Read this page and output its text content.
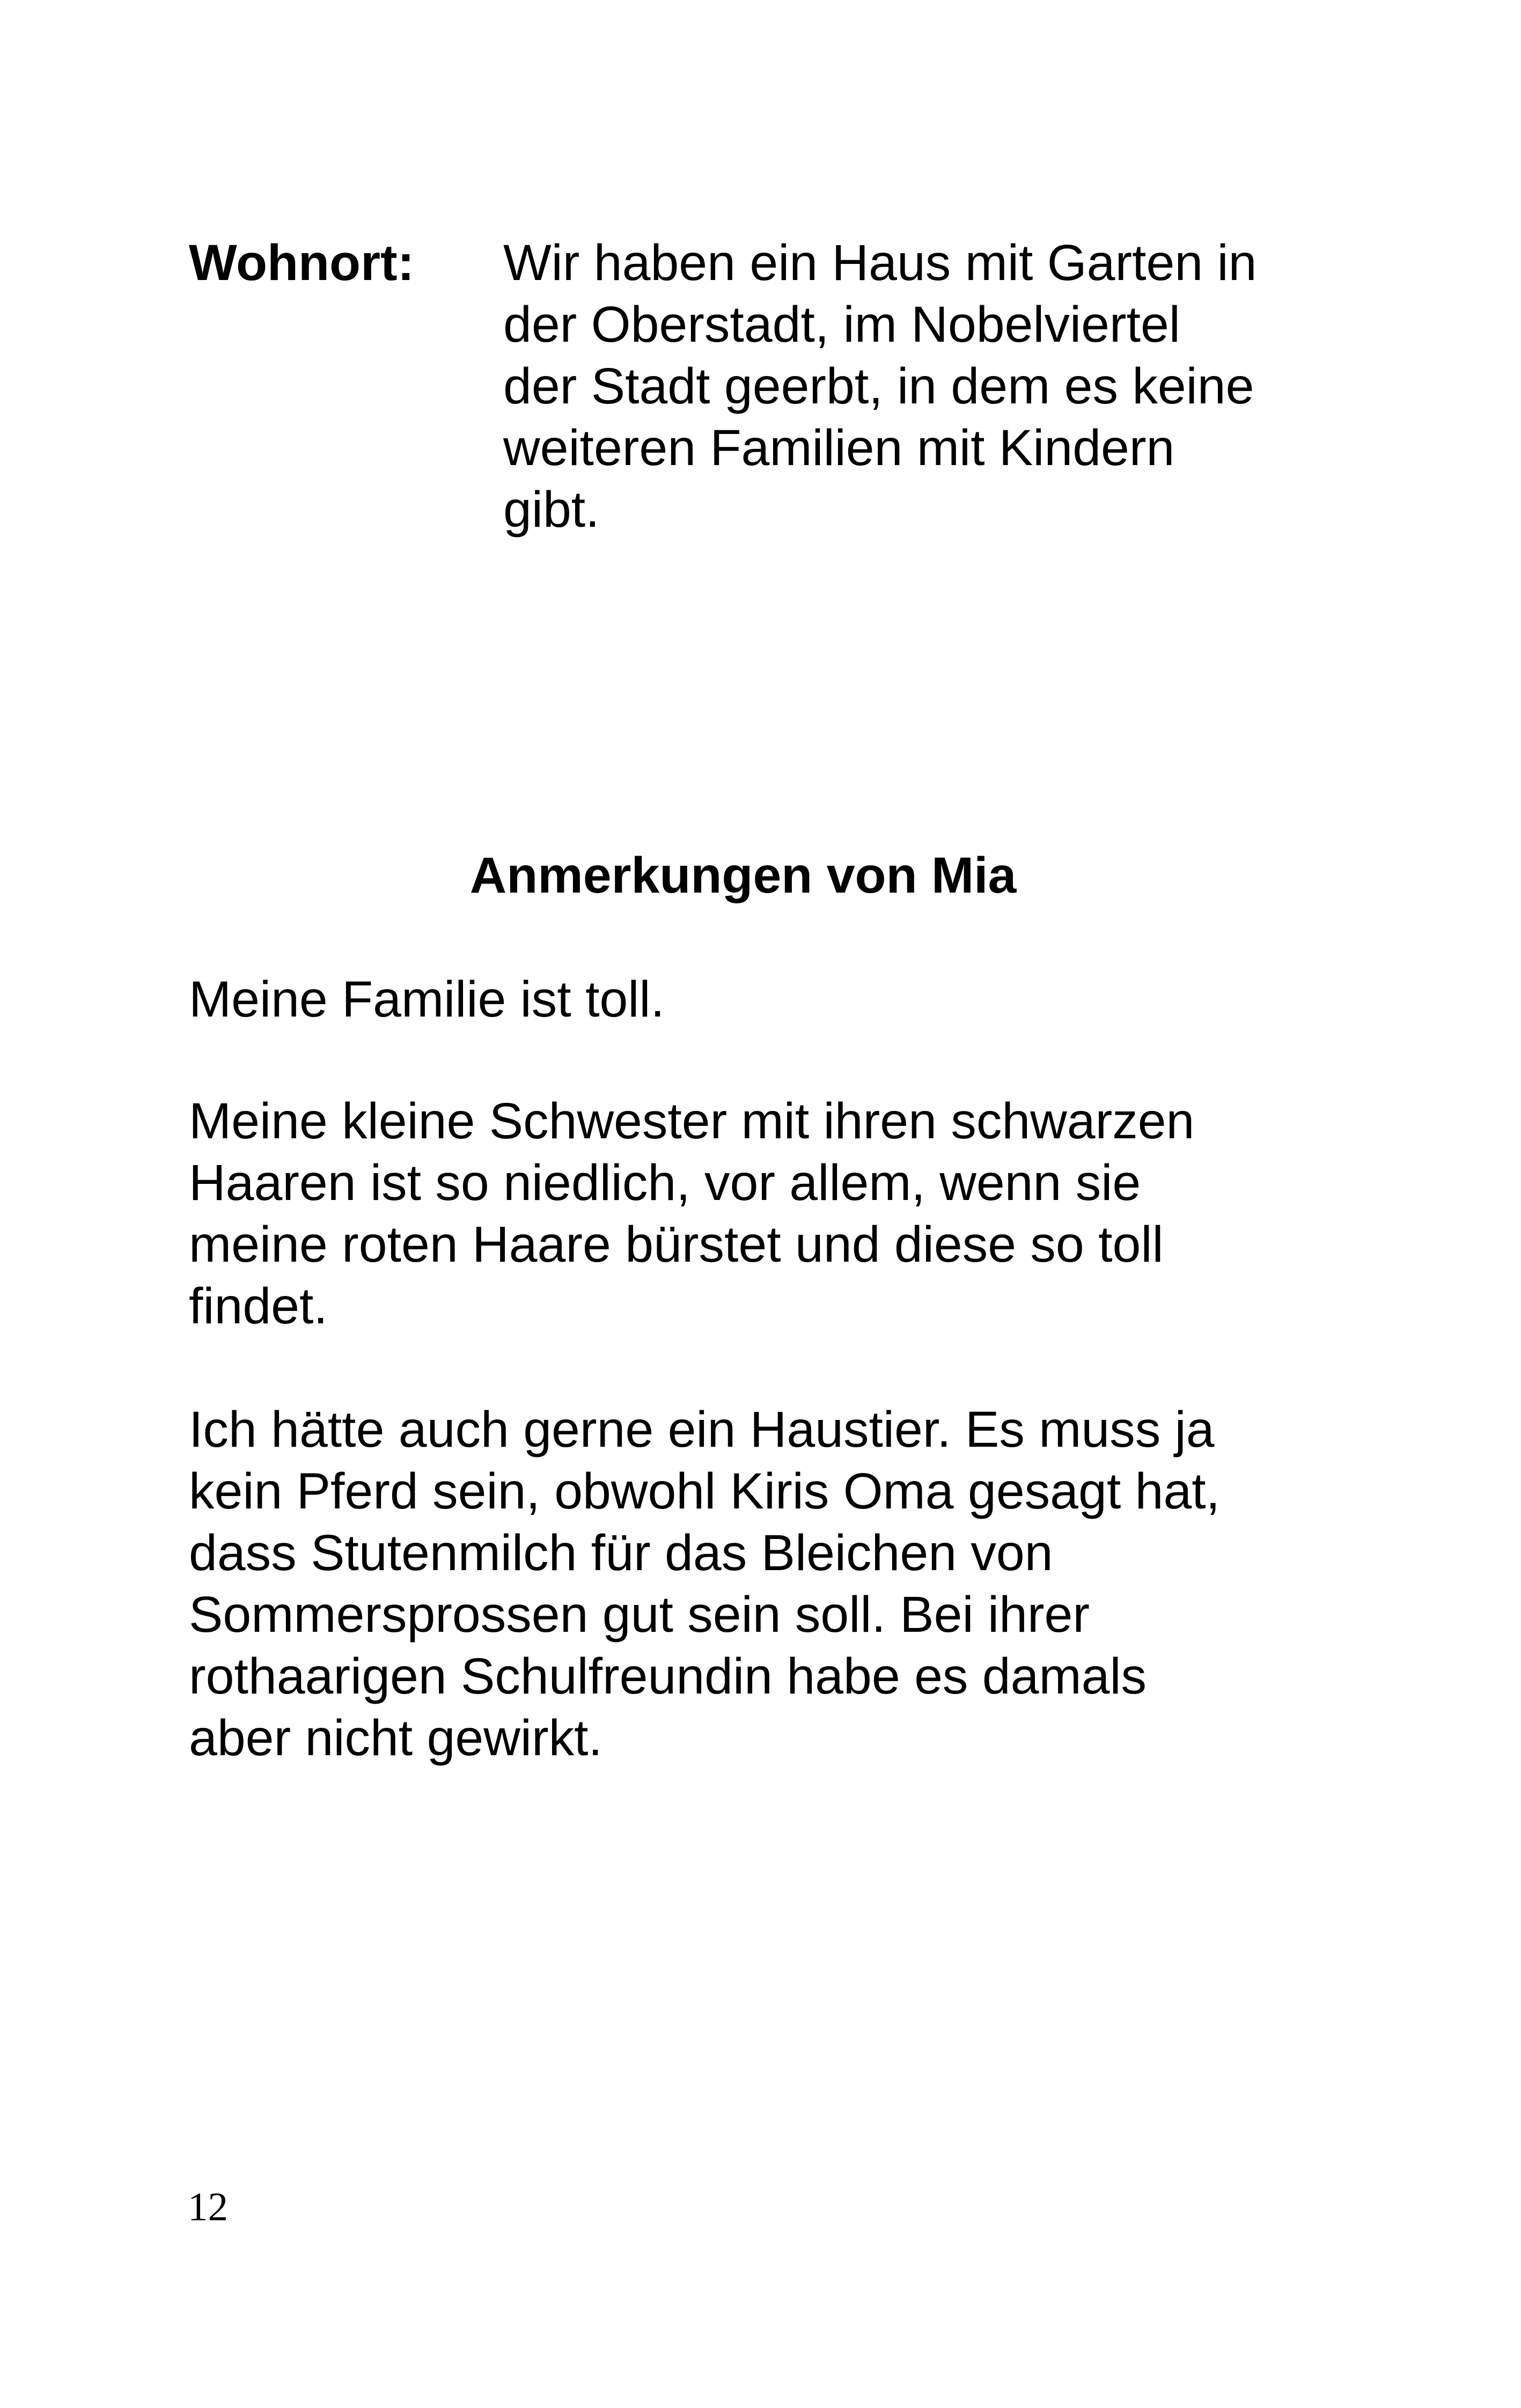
Wohnort: Wir haben ein Haus mit Garten in
der Oberstadt, im Nobelviertel
der Stadt geerbt, in dem es keine
weiteren Familien mit Kindern
gibt.
Anmerkungen von Mia
Meine Familie ist toll.
Meine kleine Schwester mit ihren schwarzen
Haaren ist so niedlich, vor allem, wenn sie
meine roten Haare bürstet und diese so toll
findet.
Ich hätte auch gerne ein Haustier. Es muss ja
kein Pferd sein, obwohl Kiris Oma gesagt hat,
dass Stutenmilch für das Bleichen von
Sommersprossen gut sein soll. Bei ihrer
rothaarigen Schulfreundin habe es damals
aber nicht gewirkt.
12
